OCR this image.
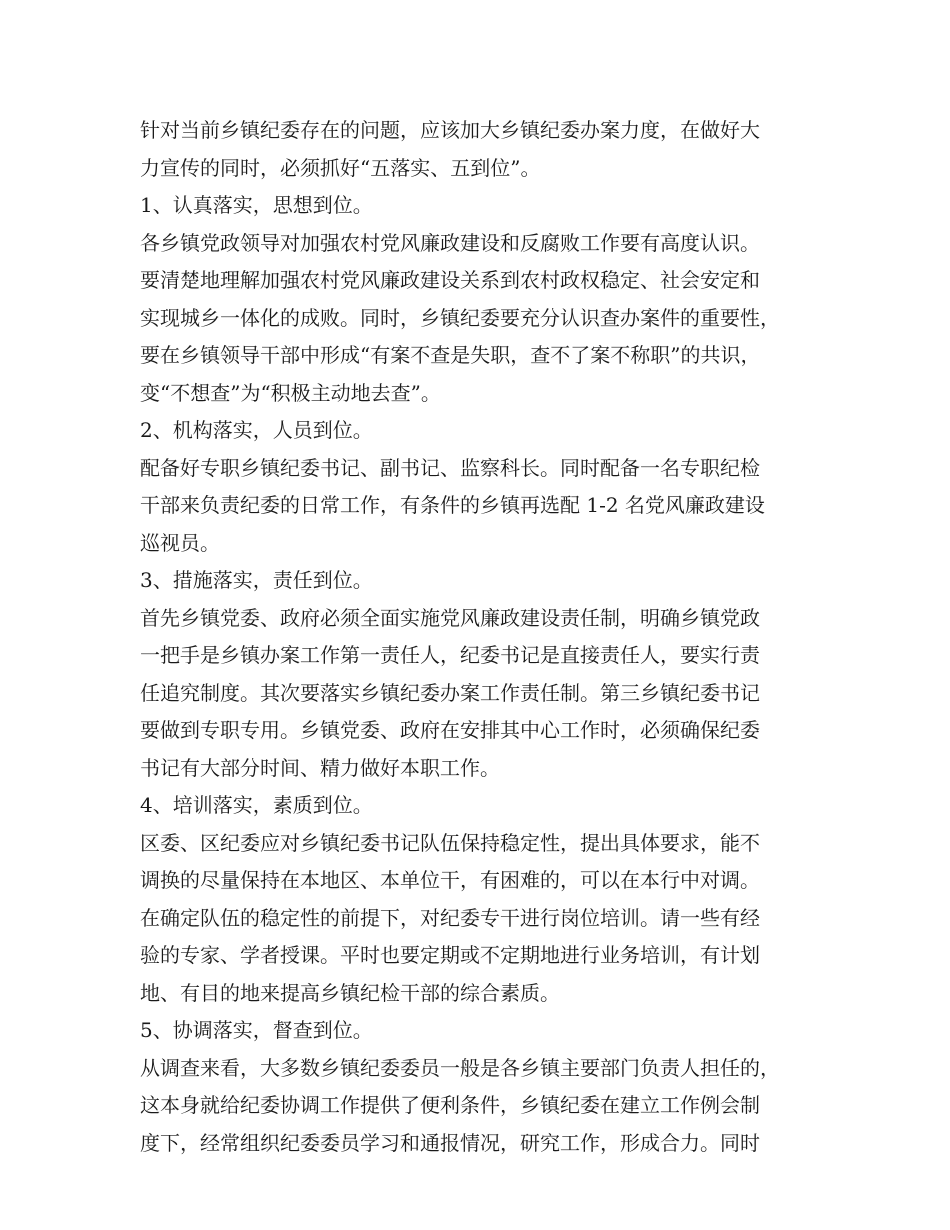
针对当前乡镇纪委存在的问题，应该加大乡镇纪委办案力度，在做好大
力宣传的同时，必须抓好“五落实、五到位”。
1、认真落实，思想到位。
各乡镇党政领导对加强农村党风廉政建设和反腐败工作要有高度认识。
要清楚地理解加强农村党风廉政建设关系到农村政权稳定、社会安定和
实现城乡一体化的成败。同时，乡镇纪委要充分认识查办案件的重要性，
要在乡镇领导干部中形成“有案不查是失职，查不了案不称职”的共识，
变“不想查”为“积极主动地去查”。
2、机构落实，人员到位。
配备好专职乡镇纪委书记、副书记、监察科长。同时配备一名专职纪检
干部来负责纪委的日常工作，有条件的乡镇再选配 1-2 名党风廉政建设
巡视员。
3、措施落实，责任到位。
首先乡镇党委、政府必须全面实施党风廉政建设责任制，明确乡镇党政
一把手是乡镇办案工作第一责任人，纪委书记是直接责任人，要实行责
任追究制度。其次要落实乡镇纪委办案工作责任制。第三乡镇纪委书记
要做到专职专用。乡镇党委、政府在安排其中心工作时，必须确保纪委
书记有大部分时间、精力做好本职工作。
4、培训落实，素质到位。
区委、区纪委应对乡镇纪委书记队伍保持稳定性，提出具体要求，能不
调换的尽量保持在本地区、本单位干，有困难的，可以在本行中对调。
在确定队伍的稳定性的前提下，对纪委专干进行岗位培训。请一些有经
验的专家、学者授课。平时也要定期或不定期地进行业务培训，有计划
地、有目的地来提高乡镇纪检干部的综合素质。
5、协调落实，督查到位。
从调查来看，大多数乡镇纪委委员一般是各乡镇主要部门负责人担任的，
这本身就给纪委协调工作提供了便利条件，乡镇纪委在建立工作例会制
度下，经常组织纪委委员学习和通报情况，研究工作，形成合力。同时
